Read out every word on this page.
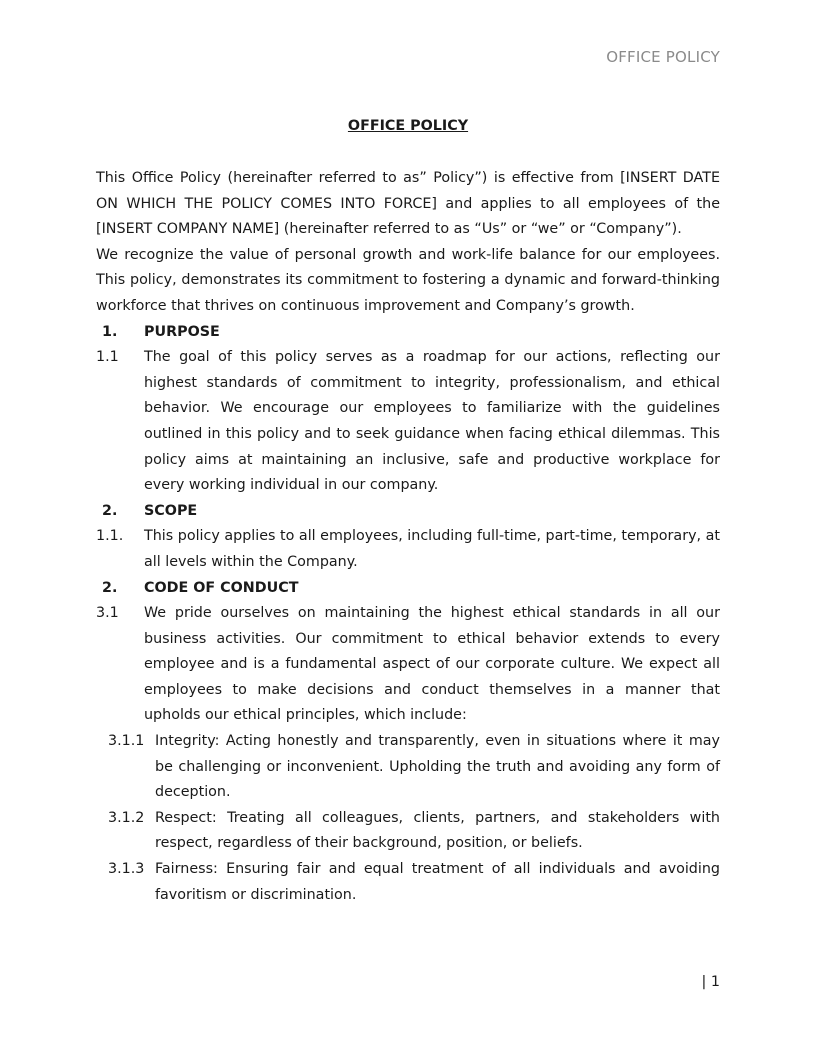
OFFICE POLICY

OFFICE POLICY

This Office Policy (hereinafter referred to as” Policy”) is effective from [INSERT DATE ON WHICH THE POLICY COMES INTO FORCE] and applies to all employees of the [INSERT COMPANY NAME] (hereinafter referred to as “Us” or “we” or “Company”).

We recognize the value of personal growth and work-life balance for our employees. This policy, demonstrates its commitment to fostering a dynamic and forward-thinking workforce that thrives on continuous improvement and Company’s growth.

1.	PURPOSE
1.1	The goal of this policy serves as a roadmap for our actions, reflecting our highest standards of commitment to integrity, professionalism, and ethical behavior. We encourage our employees to familiarize with the guidelines outlined in this policy and to seek guidance when facing ethical dilemmas. This policy aims at maintaining an inclusive, safe and productive workplace for every working individual in our company.
2.	SCOPE
1.1.	This policy applies to all employees, including full-time, part-time, temporary, at all levels within the Company.
2.	CODE OF CONDUCT
3.1	We pride ourselves on maintaining the highest ethical standards in all our business activities. Our commitment to ethical behavior extends to every employee and is a fundamental aspect of our corporate culture. We expect all employees to make decisions and conduct themselves in a manner that upholds our ethical principles, which include:
3.1.1 Integrity: Acting honestly and transparently, even in situations where it may be challenging or inconvenient. Upholding the truth and avoiding any form of deception.
3.1.2 Respect: Treating all colleagues, clients, partners, and stakeholders with respect, regardless of their background, position, or beliefs.
3.1.3 Fairness: Ensuring fair and equal treatment of all individuals and avoiding favoritism or discrimination.
| 1
